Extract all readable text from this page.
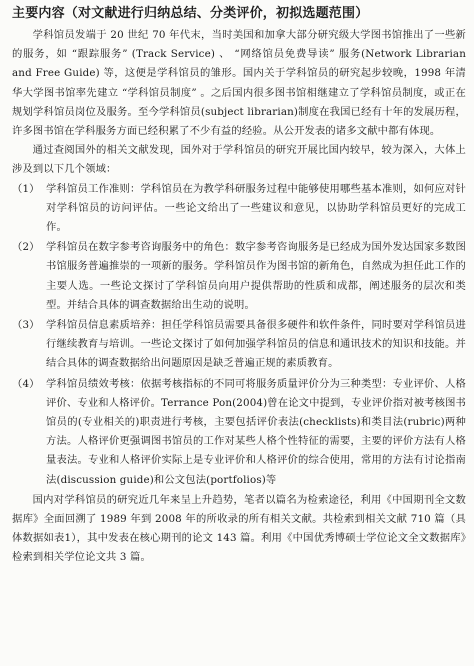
主要内容（对文献进行归纳总结、分类评价，初拟选题范围）

学科馆员发端于 20 世纪 70 年代末，当时美国和加拿大部分研究级大学图书馆推出了一些新的服务，如 “跟踪服务” (Track Service) 、 “网络馆员免费导读” 服务(Network Librarian and Free Guide) 等，这便是学科馆员的雏形。国内关于学科馆员的研究起步较晚，1998 年清华大学图书馆率先建立 “学科馆员制度” 。之后国内很多图书馆相继建立了学科馆员制度，或正在规划学科馆员岗位及服务。至今学科馆员(subject librarian)制度在我国已经有十年的发展历程，许多图书馆在学科服务方面已经积累了不少有益的经验。从公开发表的诸多文献中都有体现。

通过查阅国外的相关文献发现，国外对于学科馆员的研究开展比国内较早，较为深入，大体上涉及到以下几个领域：

（1） 学科馆员工作准则：学科馆员在为教学科研服务过程中能够使用哪些基本准则，如何应对针对学科馆员的访问评估。一些论文给出了一些建议和意见，以协助学科馆员更好的完成工作。
（2） 学科馆员在数字参考咨询服务中的角色：数字参考咨询服务是已经成为国外发达国家多数图书馆服务普遍推崇的一项新的服务。学科馆员作为图书馆的新角色，自然成为担任此工作的主要人选。一些论文探讨了学科馆员向用户提供帮助的性质和成都，阐述服务的层次和类型。并结合具体的调查数据给出生动的说明。
（3） 学科馆员信息素质培养：担任学科馆员需要具备很多硬件和软件条件，同时要对学科馆员进行继续教育与培训。一些论文探讨了如何加强学科馆员的信息和通讯技术的知识和技能。并结合具体的调查数据给出问题原因是缺乏普遍正规的素质教育。
（4） 学科馆员绩效考核：依据考核指标的不同可将服务质量评价分为三种类型：专业评价、人格评价、专业和人格评价。Terrance Pon(2004)曾在论文中提到，专业评价指对被考核图书馆员的(专业相关的)职责进行考核，主要包括评价表法(checklists)和类目法(rubric)两种方法。人格评价更强调图书馆员的工作对某些人格个性特征的需要，主要的评价方法有人格量表法。专业和人格评价实际上是专业评价和人格评价的综合使用，常用的方法有讨论指南法(discussion guide)和公文包法(portfolios)等

国内对学科馆员的研究近几年来呈上升趋势，笔者以篇名为检索途径，利用《中国期刊全文数据库》全面回溯了 1989 年到 2008 年的所收录的所有相关文献。共检索到相关文献 710 篇（具体数据如表1），其中发表在核心期刊的论文 143 篇。利用《中国优秀博硕士学位论文全文数据库》检索到相关学位论文共 3 篇。
